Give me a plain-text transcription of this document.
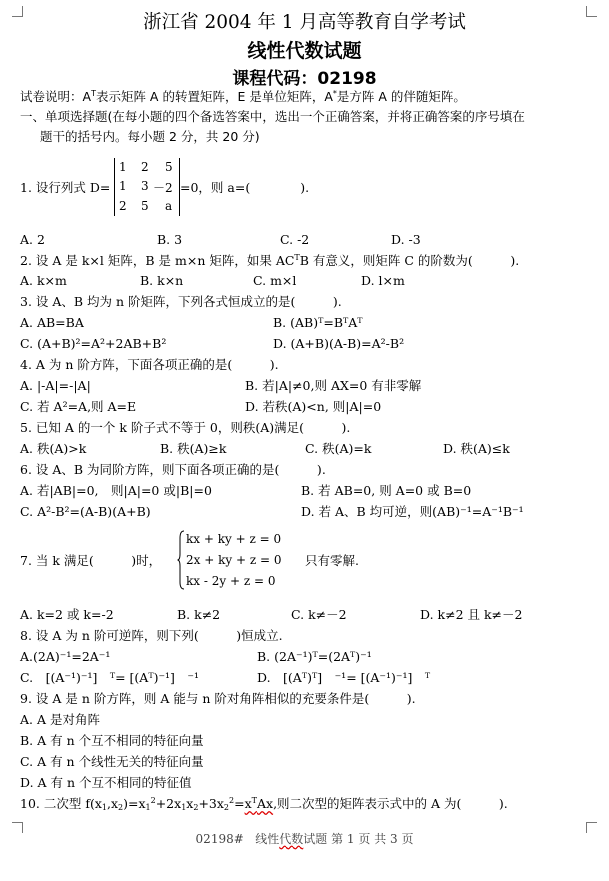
浙江省 2004 年 1 月高等教育自学考试
线性代数试题
课程代码：02198
试卷说明：$A^T$表示矩阵 A 的转置矩阵，E 是单位矩阵，A*是方阵 A 的伴随矩阵。
一、单项选择题(在每小题的四个备选答案中，选出一个正确答案，并将正确答案的序号填在
题干的括号内。每小题 2 分，共 20 分)
1. 设行列式 D=
1 2 5
1 3 －2
2 5 a
=0，则 a=(　　　　).
A. 2	B. 3	C. -2	D. -3
2. 设 A 是 k×l 矩阵，B 是 m×n 矩阵，如果 $AC^TB$ 有意义，则矩阵 C 的阶数为(　　　).
A. k×m	B. k×n	C. m×l	D. l×m
3. 设 A、B 均为 n 阶矩阵，下列各式恒成立的是(　　　).
A. AB=BA	B. (AB)ᵀ=BᵀAᵀ
C. (A+B)²=A²+2AB+B²	D. (A+B)(A-B)=A²-B²
4. A 为 n 阶方阵，下面各项正确的是(　　　).
A. |-A|=-|A|	B. 若|A|≠0,则 AX=0 有非零解
C. 若 A²=A,则 A=E	D. 若秩(A)<n, 则|A|=0
5. 已知 A 的一个 k 阶子式不等于 0，则秩(A)满足(　　　).
A. 秩(A)>k	B. 秩(A)≥k	C. 秩(A)=k	D. 秩(A)≤k
6. 设 A、B 为同阶方阵，则下面各项正确的是(　　　).
A. 若|AB|=0,　则|A|=0 或|B|=0	B. 若 AB=0, 则 A=0 或 B=0
C. A²-B²=(A-B)(A+B)	D. 若 A、B 均可逆，则(AB)⁻¹=A⁻¹B⁻¹
7. 当 k 满足(　　　)时，
kx + ky + z = 0
2x + ky + z = 0
kx - 2y + z = 0
只有零解.
A. k=2 或 k=-2	B. k≠2	C. k≠－2	D. k≠2 且 k≠－2
8. 设 A 为 n 阶可逆阵，则下列(　　　)恒成立.
A.(2A)⁻¹=2A⁻¹	B. (2A⁻¹)ᵀ=(2Aᵀ)⁻¹
C.　[(A⁻¹)⁻¹]　ᵀ= [(Aᵀ)⁻¹]　⁻¹	D.　[(Aᵀ)ᵀ]　⁻¹= [(A⁻¹)⁻¹]　ᵀ
9. 设 A 是 n 阶方阵，则 A 能与 n 阶对角阵相似的充要条件是(　　　).
A. A 是对角阵
B. A 有 n 个互不相同的特征向量
C. A 有 n 个线性无关的特征向量
D. A 有 n 个互不相同的特征值
10. 二次型 $f(x_1,x_2)=x_1^2+2x_1x_2+3x_2^2=x^TAx$,则二次型的矩阵表示式中的 A 为(　　　).
02198# 线性代数试题 第 1 页 共 3 页
